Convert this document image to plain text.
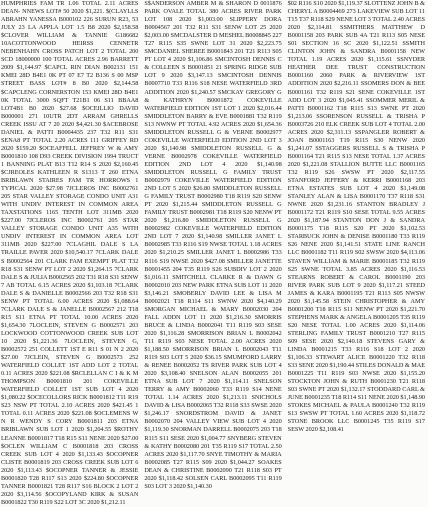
HUMPHRIES FAM TR 1.06 TOTAL 2.11 ACRES DEAN- NNEWS LOT# 50 2020 $1,221. $(CLAYLLS ABRAHN YANESSA B000102 226 SURUN R23, 53 JULY 23 LA APPLA LOT 1.5 B8 2020 $2,158.58 $CLOVER WILLIAM & TANNIE G186682 10ACOTTONWOOD HEIRSS CENNETR NEBENHAHN CROSS PATCH LOT 2 TOTAL 200 SCD 18000000 100 TOTAL ACRES 2.96 BARRETT 2009 $1,144.97 $CAPCL RIN DIAN B002131 151 KMEI 28D B4E1 0K PT 07 E7 T2 B136 S 00 MSP STREET BASS LOT# 8 B0 2020 $2,144.58 $CAPCLENG CORNERSTON 153 KMEI 28D B4E1 0K TOTAL 3000 SQFT T21B1 06 S11 BBAA8 LOT4B1 B0 2020 $27.68 $OCEILLIO DAVID B000001 271 10UTR 2DT ARRAM GHRELLS CREEK ISSU AT 7 20 2020 $4,421.30 $ACEBROSE DANIEL & PATTI B0004435 237 T32 R11 S31 SENA8 PT TOTAL 2.20 ACRES 111 GRIFFEY RD 2020 $159.20 $OCEAFFELL JEFFREY W & AMY B0001810 108 D93 CREEK DIVISION 1994 TRUCT 1 BANNING PLAT B13 T12 R14 S 2020 $2,160.45 $CJREOLES KATHLEEN R S1313 T 260 ETNA BRIBLAWN STAIRES FAM TR HORROWS 1 TYPICAL 2020 $27.98 7JCLEROS INC B0002761 205 STAR VALLEY STORAGE CONDO UNIT A31 WITH UNDIV INTEREST IN COMMON AREA TAXSTATIONS 1165 TENTH LOT 311MB 2020 $227.00 7JCLEROS INC B0002761 205 STAR VALLEY STORAGE CONDO UNIT A35 WITH UNDIV INTEREST IN COMMON AREA LOT 311MB 2020 $227.00 7CLAGHIL DALE S LA TRAILLE PAVER 2020 $10,540.17 7CLARK DALE S B0002564 201 CLARK FAM EXEMPT PLAT T32 R18 S31 SENW PT LOT 2 2020 $1,264.15 7CLARK DALE S & JULIA B0002565 202 T31 R18 S31 SENW 7 AB TOTAL 6.15 ACRES 2020 $1,103.18 7CLARK DALE S & DANIELLE B0002566 203 T32 R18 S31 SENW PT TOTAL 6.00 ACRES 2020 $1,088.64 7CLARK DALE S & JANELLE B0002567 212 T18 R15 S11 ETNA PT TOTAL 10.00 ACRES 2020 $1,654.30 7LOCLEIN, STEVEN G B0002571 203 LOCKWOOD COTTONWOOD CREEK SUB LOT 10 2020 $1,221.36 7LOCLEIN, STEVEN G, B0002572 251 COLLETT 1ST E R11 S 01 N 2 2020 $27.00 7JCLEIN, STEVEN G B0002573 252 WATERFIELD COLLET 1ST ADD LOT 2 TOTAL 0.11 ACRES 2020 $221.08 $RCLELLAN C I & K M THOMPSON B0001810 201 COKEVILLE WATERFIELD COLLET 1ST SUB LOT 4 2020 $1,080.22 $OCECOLLORS RICK B0001812 T11 R19 S23 NSW PT TOTAL 2.10 ACRES 2020 $421.45 1 TOTAL 0.11 ACRES 2020 $221.08 $OCLEMENS W N R WENDY S CORY B0001811 203 ETNA BRIBLAWN SUB LOT 1 2020 $1,204.55 $ROTHY LEANNE B0001817 T18 R15 S11 NENE 2020 $27.00 $OCLEN WILLIAM C B0001818 203 CROSS CREEK SUB LOT 4 2020 $1,133.43 $OCOPNER CLISTE B0001819 203 CROSS CREEK SUB LOT 6 2020 $1,113.43 $OCOPNER TANNER & JESSIE B0001820 T28 R117 S13 2020 $224.80 $OCOPNER TANNER B0001821 T28 R117 S16 BLOCK 2 LOT 2 2020 $3,114.56 $OCOPYLAND KIRK & SUSAN B0001822 T30 R119 S22 LOT 3C 2020 $1,212.11

S$ANDERSON AMBER M & SHARON D 0011876 PARK OVALE TOTAL 380 ACRES RIVER PARK LOT 108 2020 $1,003.00 SLIPPERY DORA B0004567 201 T32 R11 S31 SENW LOT 25 2020 $2,003.00 SMCDALSTER D MESHEL B0008845 227 T27 R115 S35 SWNE LOT 31 2020 $2,223.75 SMCDANIEL SHEREE B0001843 201 T21 R113 S05 PT LOT 4 2020 $1,106.86 SMCINTOSH DENNIS C & COLLEEN S B0001851 21 SPRING RIDGE SUB LOT 9 2020 $3,147.13 SMCINTOSH DENNIS B0007710 T33 R116 S18 NESE WATERFIELD 3RD ADDITION 2020 $1,240.57 SMCKAY GREGORY G & KATHRYN B0001872 COKEVILLE WATERFIELD EDITION 1ST LOT 1 2020 $2,016.44 SMIDDLETON BARRY & EVE B0001881 T32 R119 S13 NWNW PT TOTAL 4.92 ACRES 2020 $1,654.36 SMIDDLETON RUSSELL G & VERNE B0002977 COKEVILLE WATERFIELD EDITION 2ND LOT 3 2020 $1,140.98 SMIDDLETON RUSSELL G & VERNE B0002978 COKEVILLE WATERFIELD EDITION 2ND LOT 4 2020 $1,140.98 SMIDDLETON RUSSELL G FAMILY TRUST B0002979 COKEVILLE WATERFIELD EDITION 2ND LOT 5 2020 $26.80 SMIDDLETON RUSSELL G FAMILY TRUST B0002980 T18 R119 S20 SENW PT 2020 $1,215.44 SMIDDLETON RUSSELL G FAMILY TRUST B0002981 T18 R119 S20 NENW PT 2020 $1,216.80 SMIDDLETON RUSSELL G B0002982 COKEVILLE WATERFIELD EDITION 2ND LOT 7 2020 $1,140.98 SMILLER JANET L B0002985 T33 R116 S19 NWSE TOTAL 1.18 ACRES 2020 $1,210.25 SMILLER JANET L B0002986 T33 R116 S19 NWSE 2020 $427.08 SMILLER JANETTE B0001455 204 T35 R119 S26 SUBDIV LOT 2 2020 $1,016.11 SMITCHELL CLARKE R & DAWN G B0002010 203 NEW PARK ETNA SUB LOT 11 2020 $3,146.21 SMOBERLY DAVID LEE & LISA M B0002021 T18 R114 S11 SWNW 2020 $4,140.29 SMORGAN MICHAEL & MARY B0002030 204 FALL ADDN LOT 11 2020 $1,216.30 SMORRIS BRUCE & LINDA B0002041 T11 R119 S03 SESE 2020 $1,116.28 SMORRISON BRIAN L B0002042 T11 R119 S03 NESE TOTAL 2.00 ACRES 2020 $1,188.50 SMORRISON BRIAN L B0002043 T11 R119 S03 LOT 5 2020 $36.15 SMUMFORD LARRY & RENEE B0002052 TS RIVER PARK SUB LOT 4 2020 $3,108.40 SNELSON ALAN B0002055 201 ETNA SUB LOT 7 2020 $1,114.11 SNELSON TERRY & AMY B0002060 T33 R119 S14 NENE TOTAL 1.14 ACRES 2020 $1,213.11 SNICHOLS DAVID & LISA B0002065 T32 R118 S33 SWSE 2020 $1,246.17 SNORDSTROM DAVID & JANET B0002070 204 VALLEY VIEW SUB LOT 4 2020 $1,119.30 SNORMAN DARRELL B0002075 203 T18 R115 S11 SESE 2020 $1,004.77 SNYBERG STEVEN & KATHY B0002080 201 T35 R119 S17 TOTAL 2.50 ACRES 2020 $1,117.70 SNYE TIMOTHY & MARIA B0002085 T27 R115 S09 2020 $1,044.27 SOAKES DEAN & CHRISTINE B0002090 T21 R118 S03 PT 2020 $1,118.42 SOLSEN CARL B0002095 T11 R119 S03 LOT 3 2020 $1,140.30

$02 R116 S10 2020 $1,119.37 SLOTTENZ JOHN B & CHERYL A B0004469 273 LAKEVIEW SUB LOT 11 T15 T37 R118 S29 NENE LOT 3 TOTAL 2.40 ACRES 2020 $2,114.81 SSMITHERS MATTHEW D B0001158 203 PARK SUB 4A T21 R113 S05 NESE S01 SECTION 16 SC 2020 $1,122.51 SSMITH CLINTON JOHN & SANDRA B0001158 NEW TOTAL 1.19 ACRES 2020 $1,115.61 SSNYDER HEATHER DEE TRUST CONSTRUCTION B0001160 2060 PARK & RIVERVIEW 1ST ADDITION 2020 $2,216.11 SSOMERS DON & BEE B0001161 T32 R119 S21 SENE COKEVILLE 1ST ADD LOT 3 2020 $1,045.41 SSOMMER MERIL & PATTI B0001162 T18 R115 S13 SWNE PT 2020 $1,213.06 SSORENSON RUSSELL & TRISHA P B0003726 210 ELK CREEK SUB LOT 4 TOTAL 2.00 ACRES 2020 $2,311.13 SSPANGLER ROBERT & JOAN B0001163 T19 R115 S30 NENW 2020 $1,241.07 SSTAGGERS RUSSELL S & TRISHA P B0001164 T21 R115 S13 NESE TOTAL 1.37 ACRES 2020 $1,221.08 STALLION BUTTE LLC B0001165 T32 R119 S26 SWSW PT 2020 $2,117.55 STANFORD JEFFERY & KERRI B0001168 203 ETNA ESTATES SUB LOT 4 2020 $1,149.08 STANLEY ALAN & LISA B0001170 T37 R118 S31 NWNE 2020 $1,231.16 STANTON BRADLEY J B0001172 T21 R119 S10 SESE TOTAL 9.55 ACRES 2020 $1,187.94 STANTON DON J & SANDRA B0001175 T18 R115 S20 PT 2020 $1,102.53 STARBUCK JOHN & DENISE B0001180 T33 R119 S26 NENE 2020 $1,141.51 STATE LINE RANCH LLC B0001182 T11 R119 S02 SWSW 2020 $4,113.06 STAVEN WILLIAM & MARIE B0001185 T32 R119 S25 SWNE TOTAL 3.85 ACRES 2020 $1,116.53 STEARNS ROBERT & CAROL B0001190 203 RIVER PARK SUB LOT 9 2020 $1,117.21 STEED JAMES & KARA B0001195 T21 R113 S05 NWSW 2020 $1,145.58 STEIN CHRISTOPHER & AMY B0001200 T18 R115 S11 NENW PT 2020 $1,221.70 STEPHENS MARK & ANGELA B0001205 T35 R119 S20 NESE TOTAL 1.00 ACRES 2020 $1,114.06 STERLING FAMILY TRUST B0001210 T27 R115 S09 SESE 2020 $2,140.18 STEVENS GARY & LINDA B0001215 T33 R116 S18 LOT 2 2020 $1,106.33 STEWART ALICE B0001220 T32 R118 S33 SENE 2020 $1,190.44 STILES DONALD & MAE B0001225 T11 R119 S03 NWSE 2020 $1,155.20 STOCKTON JOHN & RUTH B0001230 T21 R118 S03 SWNE PT 2020 $1,132.17 STODDARD CARL & JUNE B0001235 T18 R114 S11 NENE 2020 $1,148.90 STOKES MICHAEL & PAULA B0001240 T32 R119 S13 SWSW PT TOTAL 1.60 ACRES 2020 $1,118.72 STONE BROOK LLC B0001245 T35 R119 S17 SESW 2020 $2,108.41
